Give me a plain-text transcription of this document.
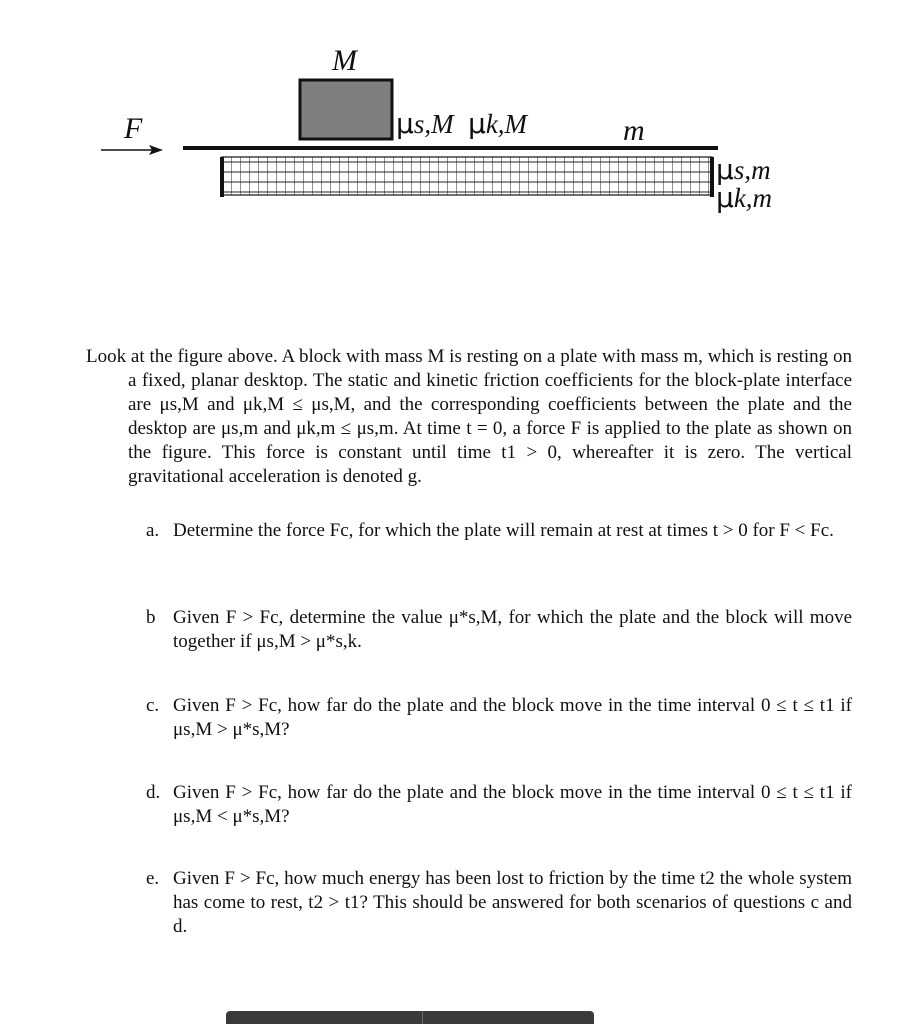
F
M
m
μs,M μk,M
μs,m
μk,m

Look at the figure above. A block with mass M is resting on a plate with mass m, which is resting on a fixed, planar desktop. The static and kinetic friction coefficients for the block-plate interface are μs,M and μk,M ≤ μs,M, and the corresponding coefficients between the plate and the desktop are μs,m and μk,m ≤ μs,m. At time t = 0, a force F is applied to the plate as shown on the figure. This force is constant until time t1 > 0, whereafter it is zero. The vertical gravitational acceleration is denoted g.

a. Determine the force Fc, for which the plate will remain at rest at times t > 0 for F < Fc.
b Given F > Fc, determine the value μ*s,M, for which the plate and the block will move together if μs,M > μ*s,k.
c. Given F > Fc, how far do the plate and the block move in the time interval 0 ≤ t ≤ t1 if μs,M > μ*s,M?
d. Given F > Fc, how far do the plate and the block move in the time interval 0 ≤ t ≤ t1 if μs,M < μ*s,M?
e. Given F > Fc, how much energy has been lost to friction by the time t2 the whole system has come to rest, t2 > t1? This should be answered for both scenarios of questions c and d.
